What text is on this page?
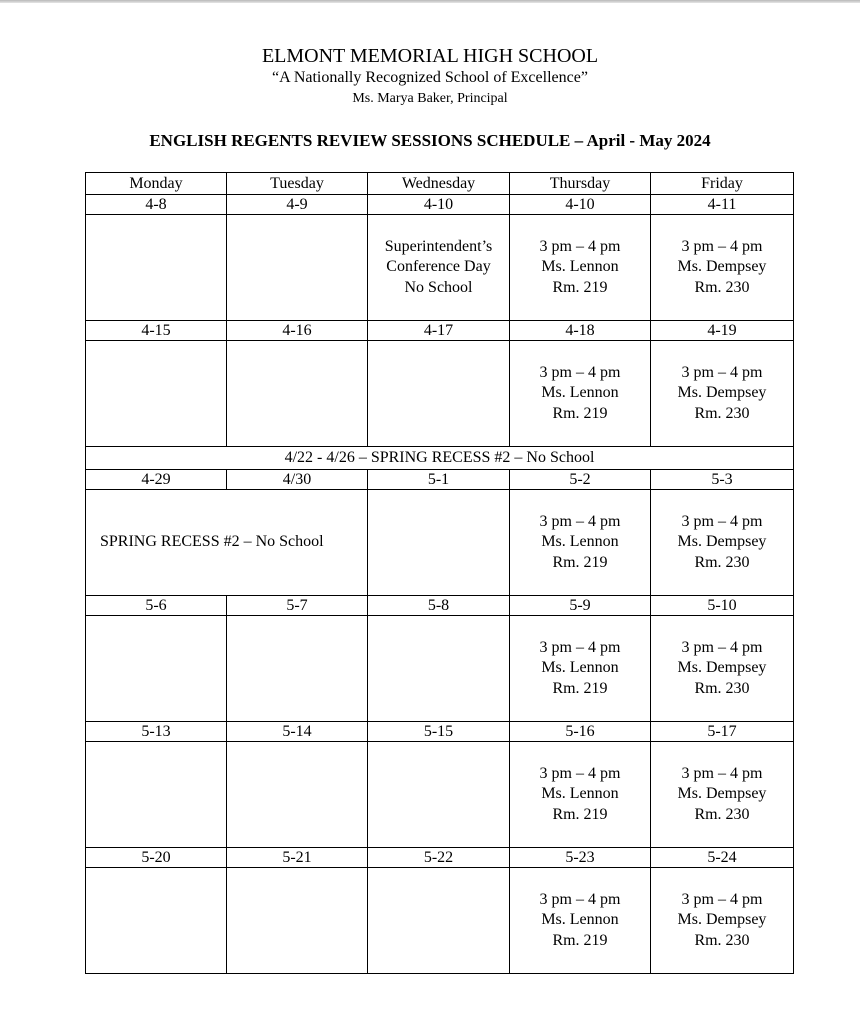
ELMONT MEMORIAL HIGH SCHOOL
“A Nationally Recognized School of Excellence”
Ms. Marya Baker, Principal
ENGLISH REGENTS REVIEW SESSIONS SCHEDULE – April - May 2024
Monday	Tuesday	Wednesday	Thursday	Friday
4-8	4-9	4-10	4-10	4-11

		Superintendent’s
Conference Day
No School	3 pm – 4 pm
Ms. Lennon
Rm. 219	3 pm – 4 pm
Ms. Dempsey
Rm. 230

4-15	4-16	4-17	4-18	4-19

			3 pm – 4 pm
Ms. Lennon
Rm. 219	3 pm – 4 pm
Ms. Dempsey
Rm. 230

4/22 - 4/26 – SPRING RECESS #2 – No School				
4-29	4/30	5-1	5-2	5-3
SPRING RECESS #2 – No School			3 pm – 4 pm
Ms. Lennon
Rm. 219	3 pm – 4 pm
Ms. Dempsey
Rm. 230

5-6	5-7	5-8	5-9	5-10

			3 pm – 4 pm
Ms. Lennon
Rm. 219	3 pm – 4 pm
Ms. Dempsey
Rm. 230

5-13	5-14	5-15	5-16	5-17

			3 pm – 4 pm
Ms. Lennon
Rm. 219	3 pm – 4 pm
Ms. Dempsey
Rm. 230

5-20	5-21	5-22	5-23	5-24

			3 pm – 4 pm
Ms. Lennon
Rm. 219	3 pm – 4 pm
Ms. Dempsey
Rm. 230
